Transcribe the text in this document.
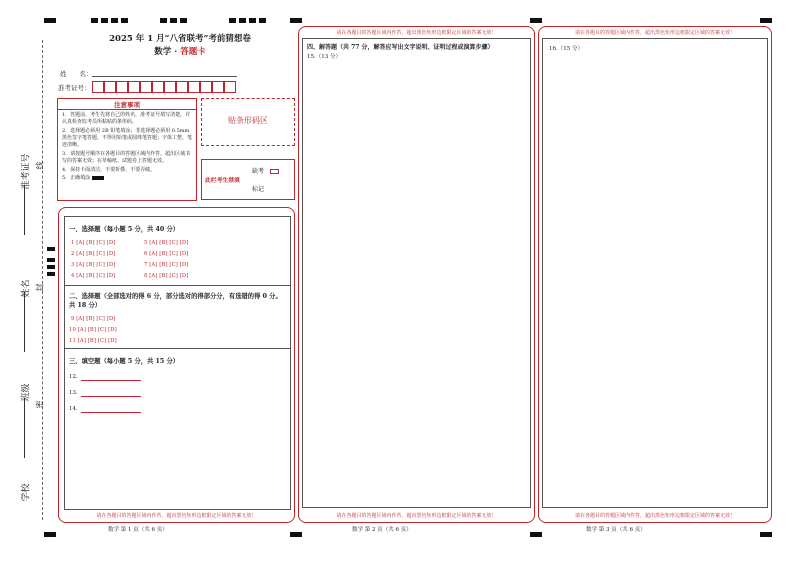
准考证号 线
姓名 封
班级
密
学校
2025 年 1 月“八省联考”考前猜想卷
数学 · 答题卡
姓　　名：
准考证号：
注意事项
1．答题前，考生先将自己的姓名，准考证号填写清楚，并认真检查监考员所粘贴的条形码。
2．选择题必须用 2B 铅笔填涂；非选择题必须用 0.5mm 黑色签字笔答题，不得用铅笔或圆珠笔答题；字体工整、笔迹清晰。
3．请按题号顺序在各题目的答题区域内作答，超出区域书写的答案无效；在草稿纸、试题卷上答题无效。
4．保持卡面清洁，不要折叠、不要弄破。
5．正确填涂
贴条形码区
此栏考生禁填
缺考
标记
一、选择题（每小题 5 分，共 40 分）
1 [A] [B] [C] [D]	5 [A] [B] [C] [D]
2 [A] [B] [C] [D]	6 [A] [B] [C] [D]
3 [A] [B] [C] [D]	7 [A] [B] [C] [D]
4 [A] [B] [C] [D]	8 [A] [B] [C] [D]
二、选择题（全部选对的得 6 分，部分选对的得部分分，有选错的得 0 分。共 18 分）
9 [A] [B] [C] [D]
10 [A] [B] [C] [D]
11 [A] [B] [C] [D]
三、填空题（每小题 5 分，共 15 分）
12.
13.
14.
请在各题目的答题区域内作答，超出黑色矩形边框限定区域的答案无效！
数学 第 1 页（共 6 页）
请在各题目的答题区域内作答，超出黑色矩形边框限定区域的答案无效！
四、解答题（共 77 分，解答应写出文字说明、证明过程或演算步骤）
15.（13 分）
请在各题目的答题区域内作答，超出黑色矩形边框限定区域的答案无效！
数学 第 2 页（共 6 页）
请在各题目的答题区域内作答，超出黑色矩形边框限定区域的答案无效！
16.（15 分）
请在各题目的答题区域内作答，超出黑色矩形边框限定区域的答案无效！
数学 第 3 页（共 6 页）
